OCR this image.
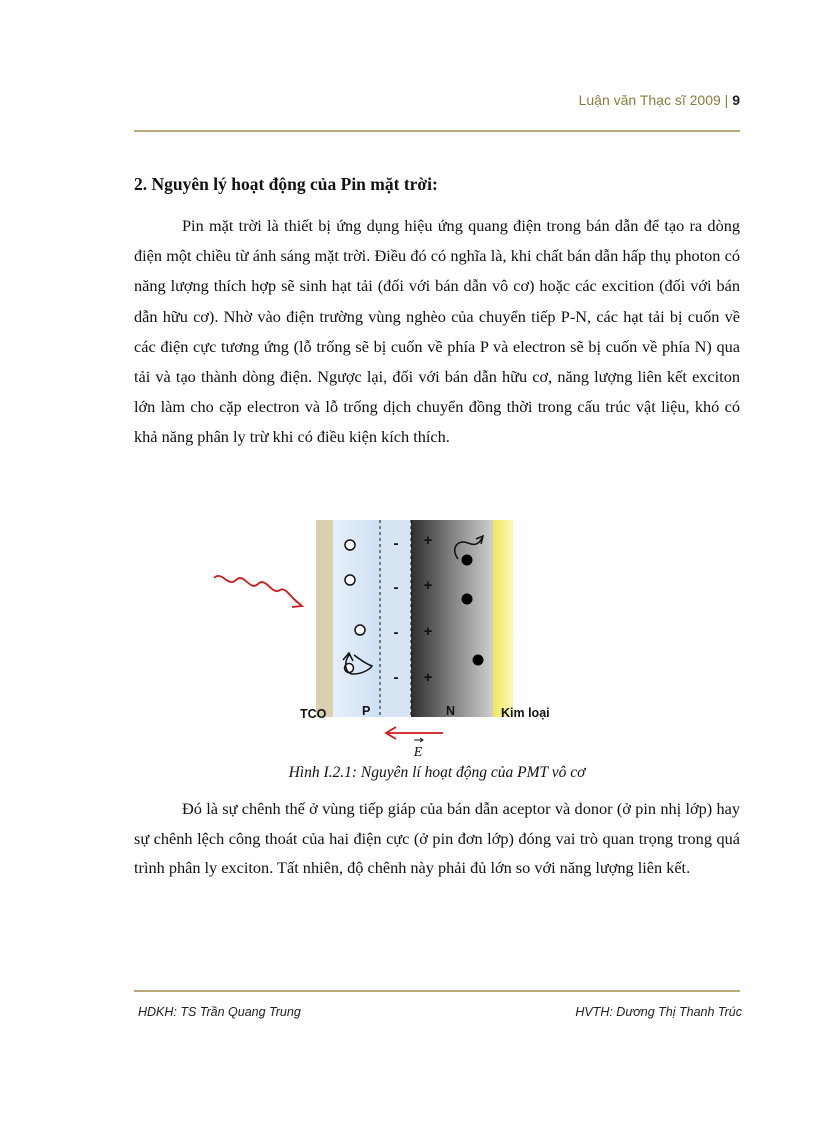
Luận văn Thạc sĩ 2009 | 9
2. Nguyên lý hoạt động của Pin mặt trời:

Pin mặt trời là thiết bị ứng dụng hiệu ứng quang điện trong bán dẫn để tạo ra dòng điện một chiều từ ánh sáng mặt trời. Điều đó có nghĩa là, khi chất bán dẫn hấp thụ photon có năng lượng thích hợp sẽ sinh hạt tải (đối với bán dẫn vô cơ) hoặc các excition (đối với bán dẫn hữu cơ). Nhờ vào điện trường vùng nghèo của chuyển tiếp P-N, các hạt tải bị cuốn về các điện cực tương ứng (lỗ trống sẽ bị cuốn về phía P và electron sẽ bị cuốn về phía N) qua tải và tạo thành dòng điện. Ngược lại, đối với bán dẫn hữu cơ, năng lượng liên kết exciton lớn làm cho cặp electron và lỗ trống dịch chuyển đồng thời trong cấu trúc vật liệu, khó có khả năng phân ly trừ khi có điều kiện kích thích.

-
-
-
-
+
+
+
+
E
TCO	P	N	Kim loại
Hình I.2.1: Nguyên lí hoạt động của PMT vô cơ

Đó là sự chênh thế ở vùng tiếp giáp của bán dẫn aceptor và donor (ở pin nhị lớp) hay sự chênh lệch công thoát của hai điện cực (ở pin đơn lớp) đóng vai trò quan trọng trong quá trình phân ly exciton. Tất nhiên, độ chênh này phải đủ lớn so với năng lượng liên kết.

HDKH: TS Trần Quang Trung	HVTH: Dương Thị Thanh Trúc
